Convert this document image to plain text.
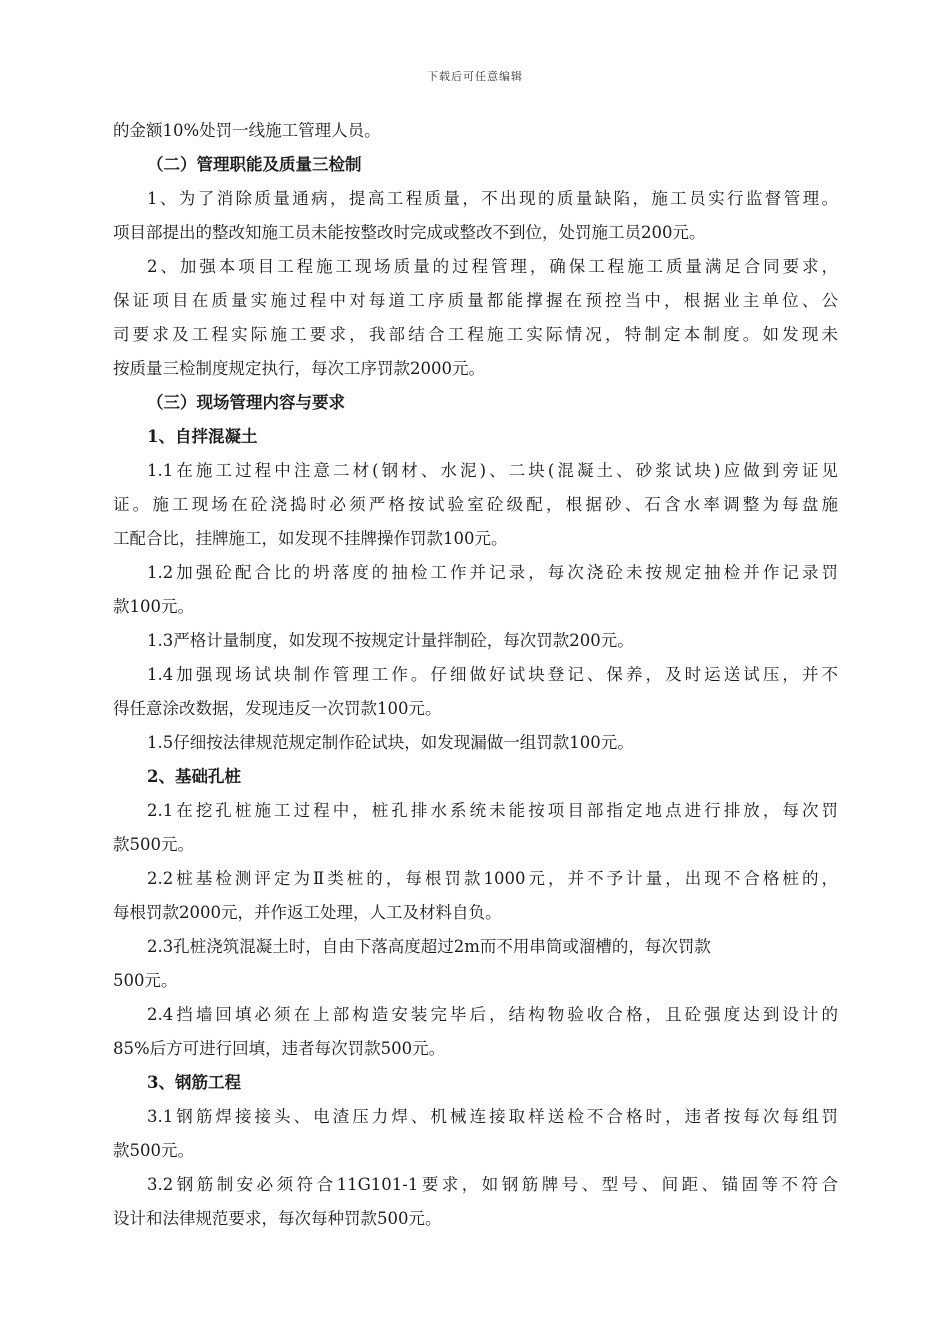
下载后可任意编辑
的金额10%处罚一线施工管理人员。
（二）管理职能及质量三检制
1、为了消除质量通病，提高工程质量，不出现的质量缺陷，施工员实行监督管理。
项目部提出的整改知施工员未能按整改时完成或整改不到位，处罚施工员200元。
2、加强本项目工程施工现场质量的过程管理，确保工程施工质量满足合同要求，
保证项目在质量实施过程中对每道工序质量都能撑握在预控当中，根据业主单位、公
司要求及工程实际施工要求，我部结合工程施工实际情况，特制定本制度。如发现未
按质量三检制度规定执行，每次工序罚款2000元。
（三）现场管理内容与要求
1、自拌混凝土
1.1在施工过程中注意二材(钢材、水泥)、二块(混凝土、砂浆试块)应做到旁证见
证。施工现场在砼浇捣时必须严格按试验室砼级配，根据砂、石含水率调整为每盘施
工配合比，挂牌施工，如发现不挂牌操作罚款100元。
1.2加强砼配合比的坍落度的抽检工作并记录，每次浇砼未按规定抽检并作记录罚
款100元。
1.3严格计量制度，如发现不按规定计量拌制砼，每次罚款200元。
1.4加强现场试块制作管理工作。仔细做好试块登记、保养，及时运送试压，并不
得任意涂改数据，发现违反一次罚款100元。
1.5仔细按法律规范规定制作砼试块，如发现漏做一组罚款100元。
2、基础孔桩
2.1在挖孔桩施工过程中，桩孔排水系统未能按项目部指定地点进行排放，每次罚
款500元。
2.2桩基检测评定为Ⅱ类桩的，每根罚款1000元，并不予计量，出现不合格桩的，
每根罚款2000元，并作返工处理，人工及材料自负。
2.3孔桩浇筑混凝土时，自由下落高度超过2m而不用串筒或溜槽的，每次罚款
500元。
2.4挡墙回填必须在上部构造安装完毕后，结构物验收合格，且砼强度达到设计的
85%后方可进行回填，违者每次罚款500元。
3、钢筋工程
3.1钢筋焊接接头、电渣压力焊、机械连接取样送检不合格时，违者按每次每组罚
款500元。
3.2钢筋制安必须符合11G101-1要求，如钢筋牌号、型号、间距、锚固等不符合
设计和法律规范要求，每次每种罚款500元。
